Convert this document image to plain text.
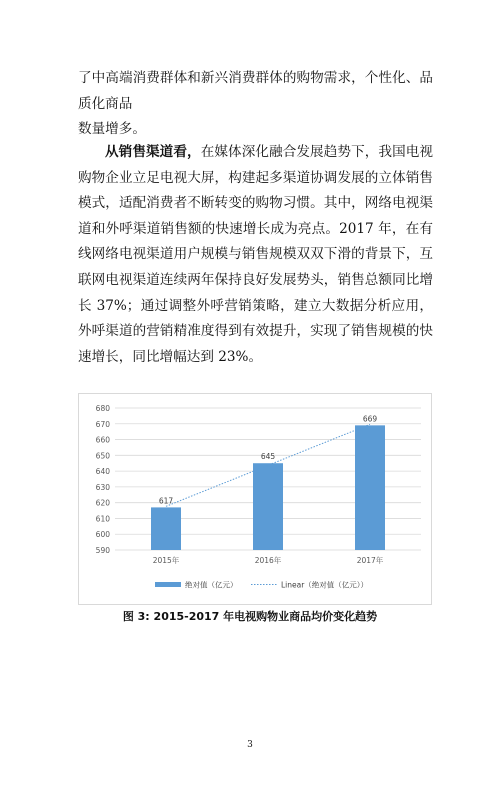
了中高端消费群体和新兴消费群体的购物需求，个性化、品质化商品

数量增多。

从销售渠道看，在媒体深化融合发展趋势下，我国电视购物企业立足电视大屏，构建起多渠道协调发展的立体销售模式，适配消费者不断转变的购物习惯。其中，网络电视渠道和外呼渠道销售额的快速增长成为亮点。2017 年，在有线网络电视渠道用户规模与销售规模双双下滑的背景下，互联网电视渠道连续两年保持良好发展势头，销售总额同比增长 37%；通过调整外呼营销策略，建立大数据分析应用，外呼渠道的营销精准度得到有效提升，实现了销售规模的快速增长，同比增幅达到 23%。

590
600
610
620
630
640
650
660
670
680
617
2015年
645
2016年
669
2017年
绝对值（亿元）	Linear（绝对值（亿元））
图 3: 2015-2017 年电视购物业商品均价变化趋势
3
